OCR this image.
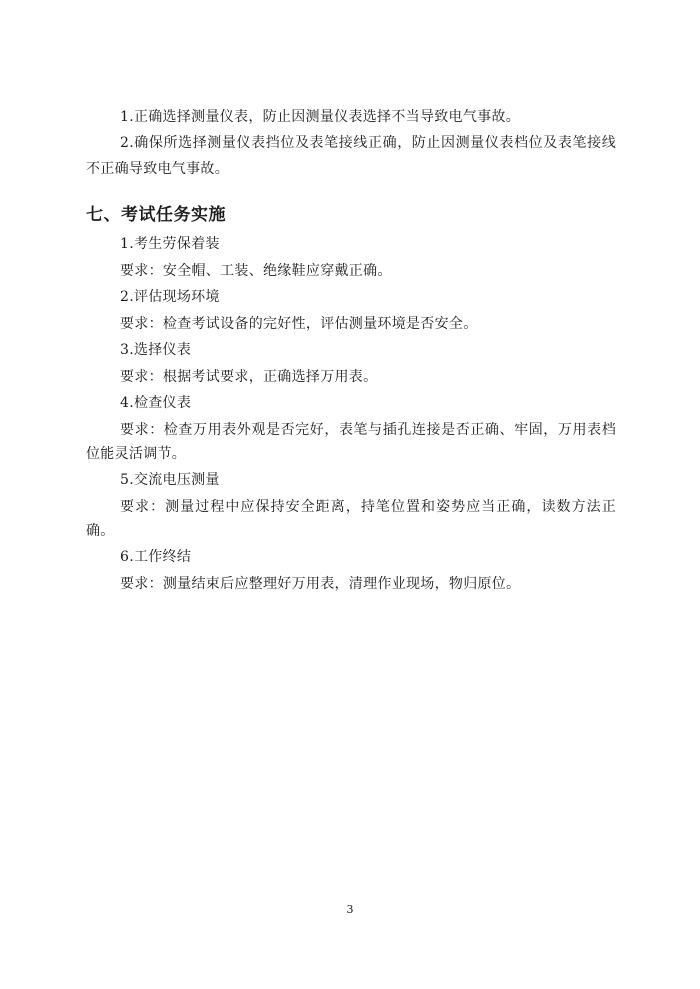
1.正确选择测量仪表，防止因测量仪表选择不当导致电气事故。

2.确保所选择测量仪表挡位及表笔接线正确，防止因测量仪表档位及表笔接线不正确导致电气事故。

七、考试任务实施

1.考生劳保着装

要求：安全帽、工装、绝缘鞋应穿戴正确。

2.评估现场环境

要求：检查考试设备的完好性，评估测量环境是否安全。

3.选择仪表

要求：根据考试要求，正确选择万用表。

4.检查仪表

要求：检查万用表外观是否完好，表笔与插孔连接是否正确、牢固，万用表档位能灵活调节。

5.交流电压测量

要求：测量过程中应保持安全距离，持笔位置和姿势应当正确，读数方法正确。

6.工作终结

要求：测量结束后应整理好万用表，清理作业现场，物归原位。

3
